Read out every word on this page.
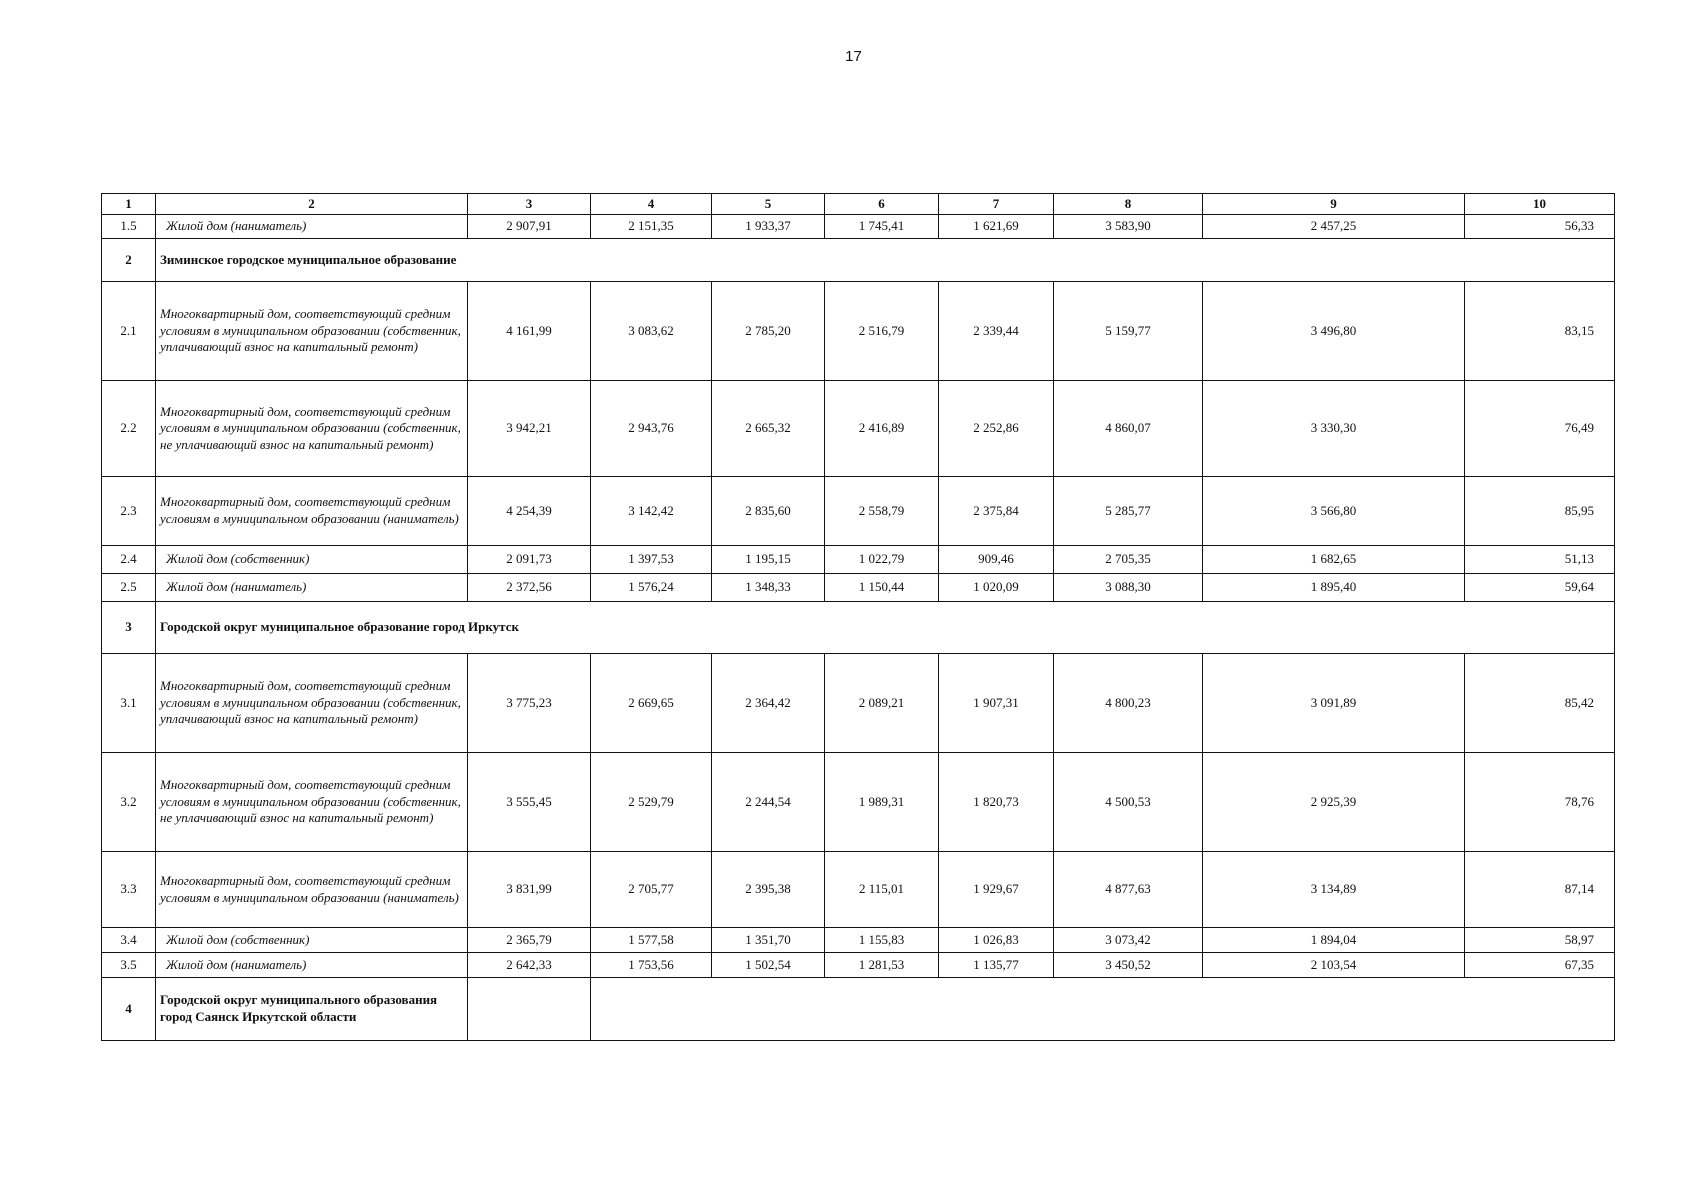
17
1	2	3	4	5	6	7	8	9	10
1.5	Жилой дом (наниматель)	2 907,91	2 151,35	1 933,37	1 745,41	1 621,69	3 583,90	2 457,25	56,33
2	Зиминское городское муниципальное образование								
2.1	Многоквартирный дом, соответствующий средним условиям в муниципальном образовании (собственник, уплачивающий взнос на капитальный ремонт)	4 161,99	3 083,62	2 785,20	2 516,79	2 339,44	5 159,77	3 496,80	83,15
2.2	Многоквартирный дом, соответствующий средним условиям в муниципальном образовании (собственник, не уплачивающий взнос на капитальный ремонт)	3 942,21	2 943,76	2 665,32	2 416,89	2 252,86	4 860,07	3 330,30	76,49
2.3	Многоквартирный дом, соответствующий средним условиям в муниципальном образовании (наниматель)	4 254,39	3 142,42	2 835,60	2 558,79	2 375,84	5 285,77	3 566,80	85,95
2.4	Жилой дом (собственник)	2 091,73	1 397,53	1 195,15	1 022,79	909,46	2 705,35	1 682,65	51,13
2.5	Жилой дом (наниматель)	2 372,56	1 576,24	1 348,33	1 150,44	1 020,09	3 088,30	1 895,40	59,64
3	Городской округ муниципальное образование город Иркутск								
3.1	Многоквартирный дом, соответствующий средним условиям в муниципальном образовании (собственник, уплачивающий взнос на капитальный ремонт)	3 775,23	2 669,65	2 364,42	2 089,21	1 907,31	4 800,23	3 091,89	85,42
3.2	Многоквартирный дом, соответствующий средним условиям в муниципальном образовании (собственник, не уплачивающий взнос на капитальный ремонт)	3 555,45	2 529,79	2 244,54	1 989,31	1 820,73	4 500,53	2 925,39	78,76
3.3	Многоквартирный дом, соответствующий средним условиям в муниципальном образовании (наниматель)	3 831,99	2 705,77	2 395,38	2 115,01	1 929,67	4 877,63	3 134,89	87,14
3.4	Жилой дом (собственник)	2 365,79	1 577,58	1 351,70	1 155,83	1 026,83	3 073,42	1 894,04	58,97
3.5	Жилой дом (наниматель)	2 642,33	1 753,56	1 502,54	1 281,53	1 135,77	3 450,52	2 103,54	67,35
4	Городской округ муниципального образования город Саянск Иркутской области								
